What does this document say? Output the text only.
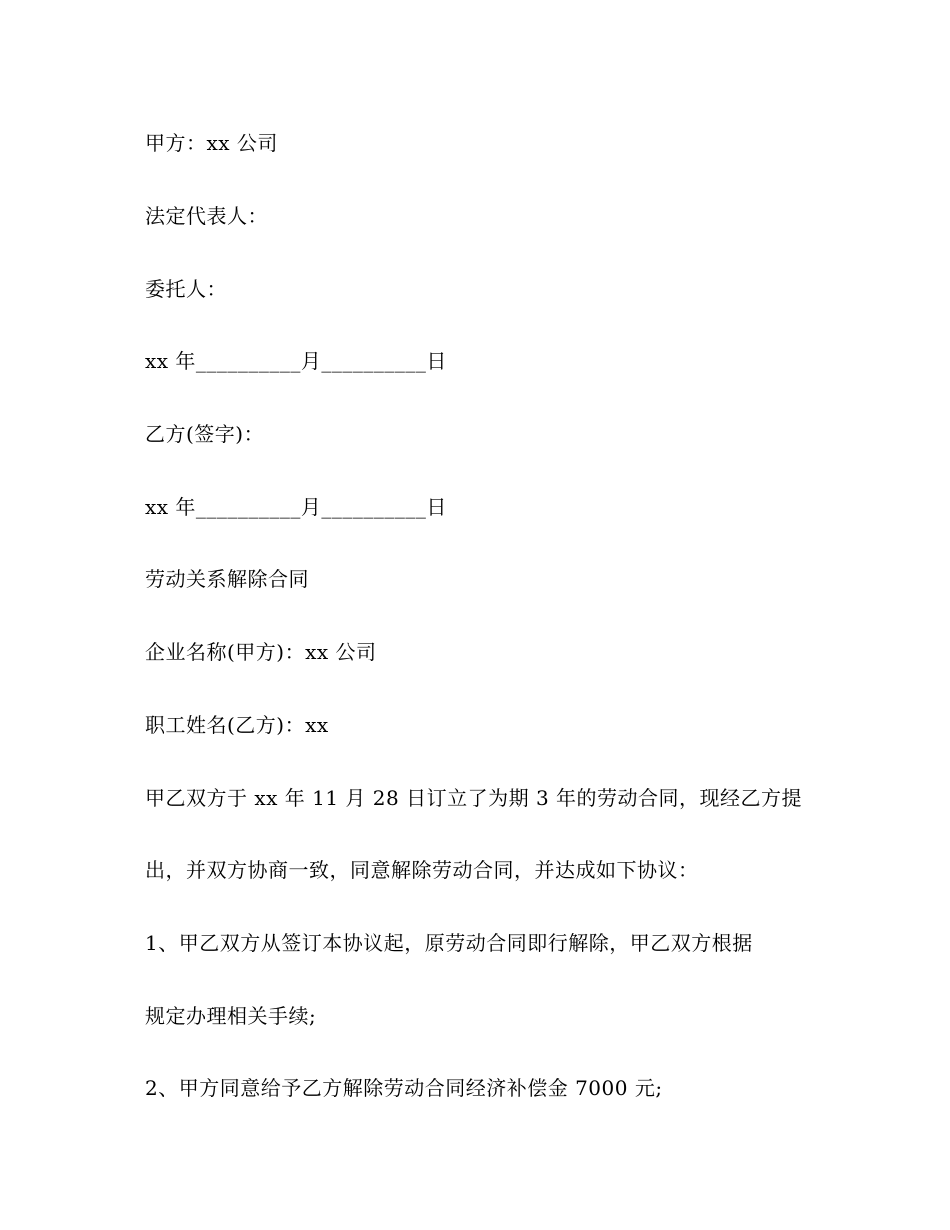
甲方：xx 公司
法定代表人：
委托人：
xx 年__________月__________日
乙方(签字)：
xx 年__________月__________日
劳动关系解除合同
企业名称(甲方)：xx 公司
职工姓名(乙方)：xx
甲乙双方于 xx 年 11 月 28 日订立了为期 3 年的劳动合同，现经乙方提
出，并双方协商一致，同意解除劳动合同，并达成如下协议：
1、甲乙双方从签订本协议起，原劳动合同即行解除，甲乙双方根据
规定办理相关手续;
2、甲方同意给予乙方解除劳动合同经济补偿金 7000 元;
